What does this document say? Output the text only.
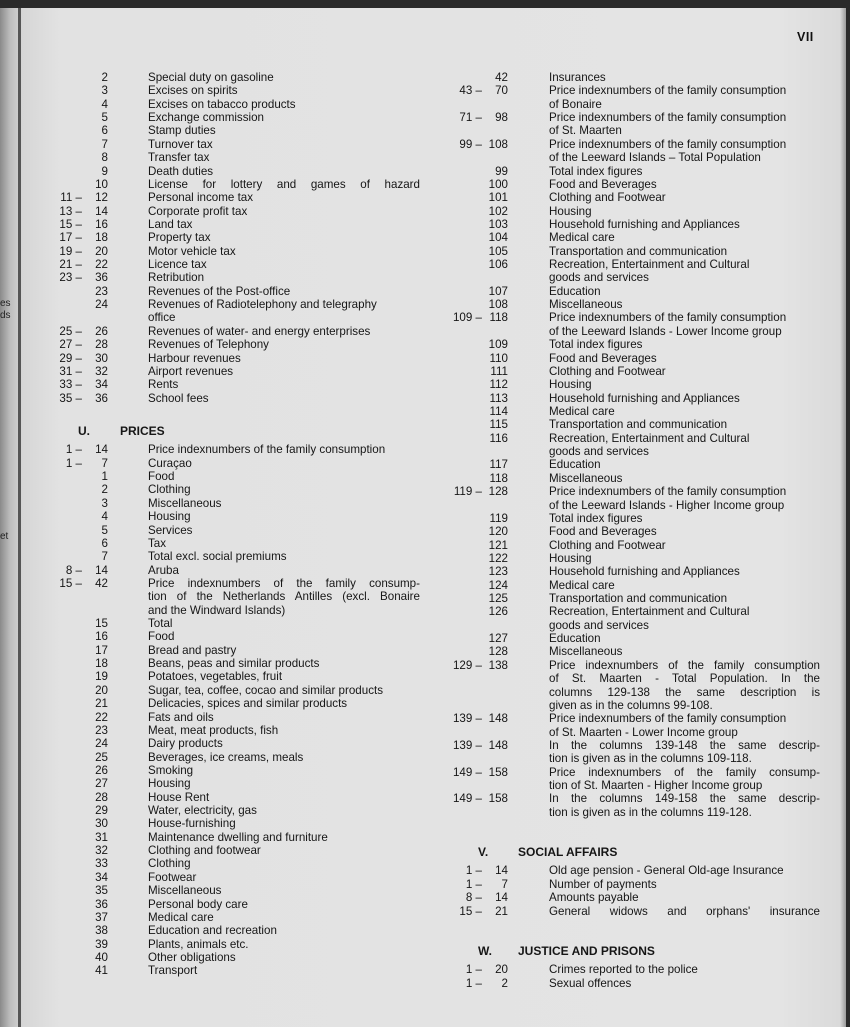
es
ds
et
VII
2	Special duty on gasoline
3	Excises on spirits
4	Excises on tabacco products
5	Exchange commission
6	Stamp duties
7	Turnover tax
8	Transfer tax
9	Death duties
10	License for lottery and games of hazard
11 –	12	Personal income tax
13 –	14	Corporate profit tax
15 –	16	Land tax
17 –	18	Property tax
19 –	20	Motor vehicle tax
21 –	22	Licence tax
23 –	36	Retribution
23	Revenues of the Post-office
24	Revenues of Radiotelephony and telegraphy
office
25 –	26	Revenues of water- and energy enterprises
27 –	28	Revenues of Telephony
29 –	30	Harbour revenues
31 –	32	Airport revenues
33 –	34	Rents
35 –	36	School fees
U.	PRICES
1 –	14	Price indexnumbers of the family consumption
1 –	7	Curaçao
1	Food
2	Clothing
3	Miscellaneous
4	Housing
5	Services
6	Tax
7	Total excl. social premiums
8 –	14	Aruba
15 –	42	Price indexnumbers of the family consump-
tion of the Netherlands Antilles (excl. Bonaire
and the Windward Islands)
15	Total
16	Food
17	Bread and pastry
18	Beans, peas and similar products
19	Potatoes, vegetables, fruit
20	Sugar, tea, coffee, cocao and similar products
21	Delicacies, spices and similar products
22	Fats and oils
23	Meat, meat products, fish
24	Dairy products
25	Beverages, ice creams, meals
26	Smoking
27	Housing
28	House Rent
29	Water, electricity, gas
30	House-furnishing
31	Maintenance dwelling and furniture
32	Clothing and footwear
33	Clothing
34	Footwear
35	Miscellaneous
36	Personal body care
37	Medical care
38	Education and recreation
39	Plants, animals etc.
40	Other obligations
41	Transport
42	Insurances
43 –	70	Price indexnumbers of the family consumption
of Bonaire
71 –	98	Price indexnumbers of the family consumption
of St. Maarten
99 – 108	Price indexnumbers of the family consumption
of the Leeward Islands – Total Population
99	Total index figures
100	Food and Beverages
101	Clothing and Footwear
102	Housing
103	Household furnishing and Appliances
104	Medical care
105	Transportation and communication
106	Recreation, Entertainment and Cultural
goods and services
107	Education
108	Miscellaneous
109 – 118	Price indexnumbers of the family consumption
of the Leeward Islands - Lower Income group
109	Total index figures
110	Food and Beverages
111	Clothing and Footwear
112	Housing
113	Household furnishing and Appliances
114	Medical care
115	Transportation and communication
116	Recreation, Entertainment and Cultural
goods and services
117	Education
118	Miscellaneous
119 – 128	Price indexnumbers of the family consumption
of the Leeward Islands - Higher Income group
119	Total index figures
120	Food and Beverages
121	Clothing and Footwear
122	Housing
123	Household furnishing and Appliances
124	Medical care
125	Transportation and communication
126	Recreation, Entertainment and Cultural
goods and services
127	Education
128	Miscellaneous
129 – 138	Price indexnumbers of the family consumption
of St. Maarten - Total Population. In the
columns 129-138 the same description is
given as in the columns 99-108.
139 – 148	Price indexnumbers of the family consumption
of St. Maarten - Lower Income group
139 – 148	In the columns 139-148 the same descrip-
tion is given as in the columns 109-118.
149 – 158	Price indexnumbers of the family consump-
tion of St. Maarten - Higher Income group
149 – 158	In the columns 149-158 the same descrip-
tion is given as in the columns 119-128.
V.	SOCIAL AFFAIRS
1 –	14	Old age pension - General Old-age Insurance
1 –	7	Number of payments
8 –	14	Amounts payable
15 –	21	General widows and orphans' insurance
W.	JUSTICE AND PRISONS
1 –	20	Crimes reported to the police
1 –	2	Sexual offences
